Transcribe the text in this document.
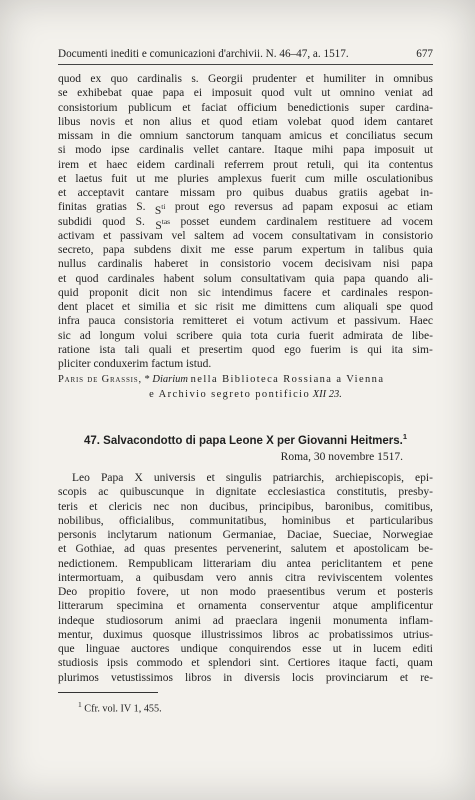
Documenti inediti e comunicazioni d'archivii. N. 46–47, a. 1517.	677
quod ex quo cardinalis s. Georgii prudenter et humiliter in omnibus
se exhibebat quae papa ei imposuit quod vult ut omnino veniat ad
consistorium publicum et faciat officium benedictionis super cardina-
libus novis et non alius et quod etiam volebat quod idem cantaret
missam in die omnium sanctorum tanquam amicus et conciliatus secum
si modo ipse cardinalis vellet cantare. Itaque mihi papa imposuit ut
irem et haec eidem cardinali referrem prout retuli, qui ita contentus
et laetus fuit ut me pluries amplexus fuerit cum mille osculationibus
et acceptavit cantare missam pro quibus duabus gratiis agebat in-
finitas gratias S. $S^{ti}$ prout ego reversus ad papam exposui ac etiam
subdidi quod S. $S^{tas}$ posset eundem cardinalem restituere ad vocem
activam et passivam vel saltem ad vocem consultativam in consistorio
secreto, papa subdens dixit me esse parum expertum in talibus quia
nullus cardinalis haberet in consistorio vocem decisivam nisi papa
et quod cardinales habent solum consultativam quia papa quando ali-
quid proponit dicit non sic intendimus facere et cardinales respon-
dent placet et similia et sic risit me dimittens cum aliquali spe quod
infra pauca consistoria remitteret ei votum activum et passivum. Haec
sic ad longum volui scribere quia tota curia fuerit admirata de libe-
ratione ista tali quali et presertim quod ego fuerim is qui ita sim-
pliciter conduxerim factum istud.
Paris de Grassis, * Diarium nella Biblioteca Rossiana a Vienna
e Archivio segreto pontificio XII 23.
47. Salvacondotto di papa Leone X per Giovanni Heitmers.$^1$
Roma, 30 novembre 1517.
Leo Papa X universis et singulis patriarchis, archiepiscopis, epi-
scopis ac quibuscunque in dignitate ecclesiastica constitutis, presby-
teris et clericis nec non ducibus, principibus, baronibus, comitibus,
nobilibus, officialibus, communitatibus, hominibus et particularibus
personis inclytarum nationum Germaniae, Daciae, Sueciae, Norwegiae
et Gothiae, ad quas presentes pervenerint, salutem et apostolicam be-
nedictionem. Rempublicam litterariam diu antea periclitantem et pene
intermortuam, a quibusdam vero annis citra reviviscentem volentes
Deo propitio fovere, ut non modo praesentibus verum et posteris
litterarum specimina et ornamenta conserventur atque amplificentur
indeque studiosorum animi ad praeclara ingenii monumenta inflam-
mentur, duximus quosque illustrissimos libros ac probatissimos utrius-
que linguae auctores undique conquirendos esse ut in lucem editi
studiosis ipsis commodo et splendori sint. Certiores itaque facti, quam
plurimos vetustissimos libros in diversis locis provinciarum et re-
$^1$ Cfr. vol. IV 1, 455.
